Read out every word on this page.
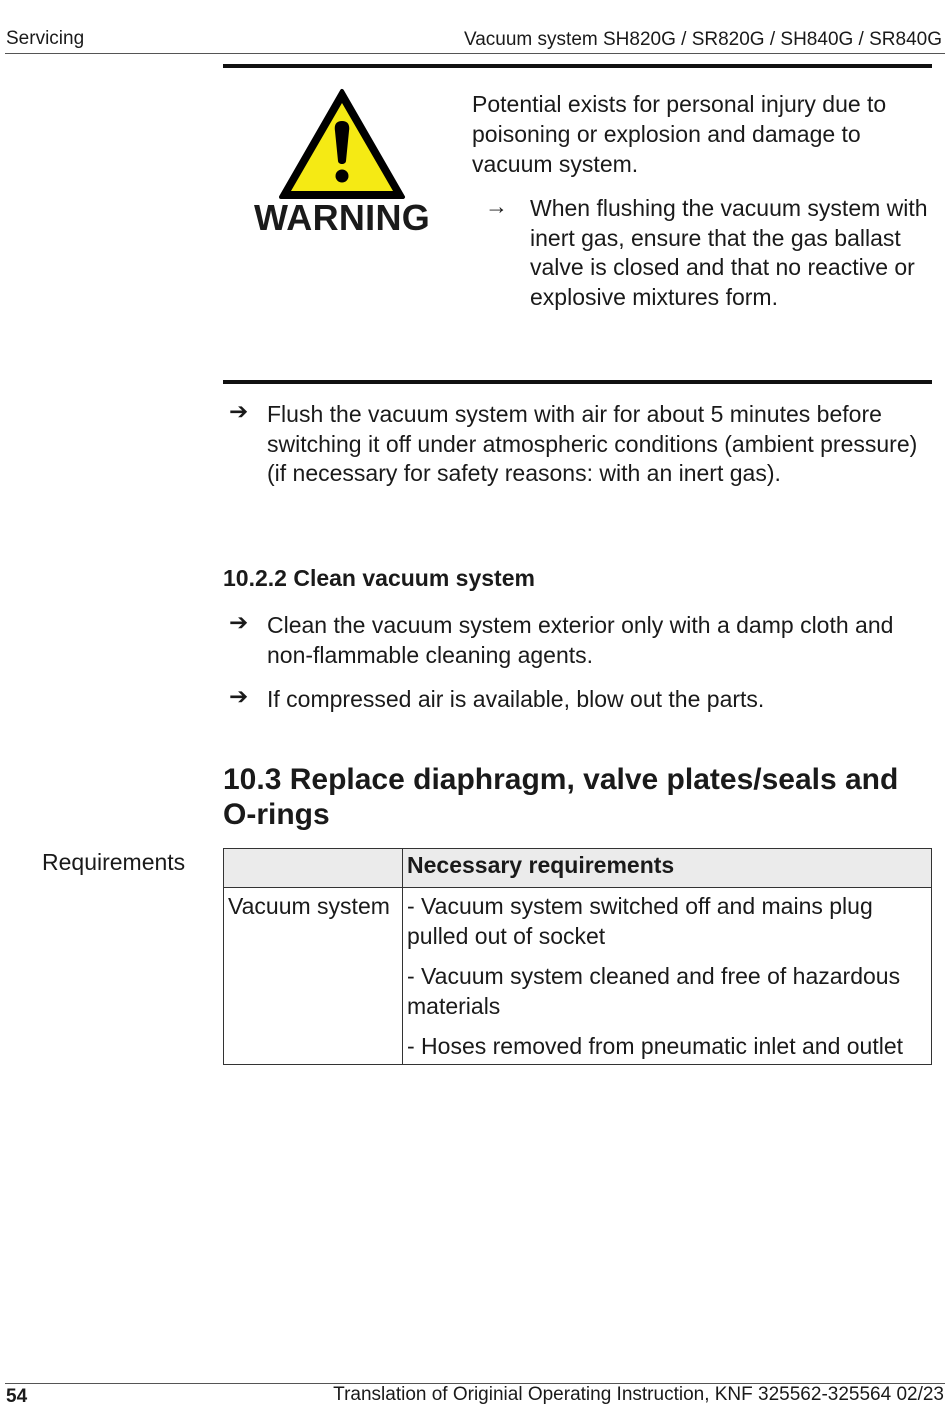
Servicing	Vacuum system SH820G / SR820G / SH840G / SR840G
WARNING
Potential exists for personal injury due to poisoning or explosion and damage to vacuum system.
→ When flushing the vacuum system with inert gas, ensure that the gas ballast valve is closed and that no reactive or explosive mixtures form.
➔ Flush the vacuum system with air for about 5 minutes before switching it off under atmospheric conditions (ambient pressure) (if necessary for safety reasons: with an inert gas).
10.2.2 Clean vacuum system
➔ Clean the vacuum system exterior only with a damp cloth and non-flammable cleaning agents.
➔ If compressed air is available, blow out the parts.
10.3 Replace diaphragm, valve plates/seals and O-rings
Requirements
		Necessary requirements
Vacuum system	- Vacuum system switched off and mains plug pulled out of socket
- Vacuum system cleaned and free of hazardous materials
- Hoses removed from pneumatic inlet and outlet
54	Translation of Originial Operating Instruction, KNF 325562-325564 02/23
